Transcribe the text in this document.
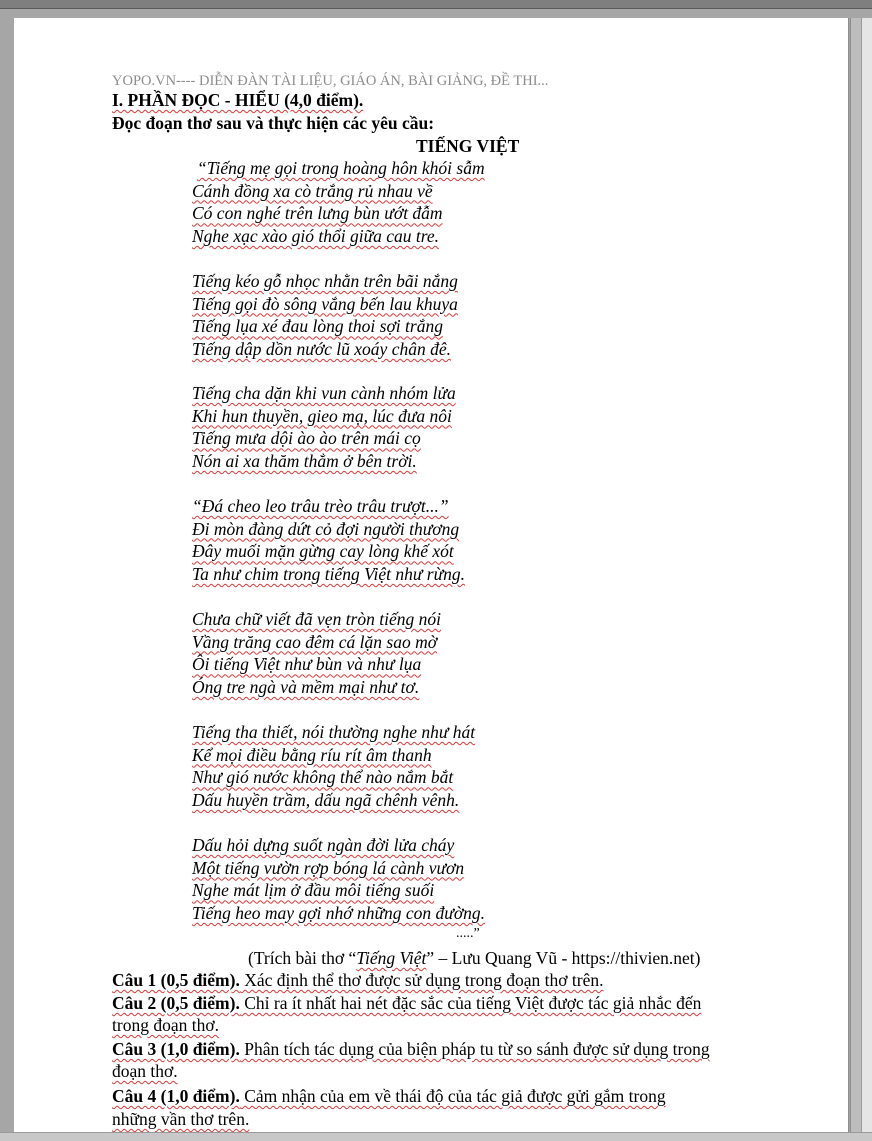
YOPO.VN---- DIỄN ĐÀN TÀI LIỆU, GIÁO ÁN, BÀI GIẢNG, ĐỀ THI...
I. PHẦN ĐỌC - HIỂU (4,0 điểm).
Đọc đoạn thơ sau và thực hiện các yêu cầu:
TIẾNG VIỆT
“Tiếng mẹ gọi trong hoàng hôn khói sẫm
Cánh đồng xa cò trắng rủ nhau về
Có con nghé trên lưng bùn ướt đẫm
Nghe xạc xào gió thổi giữa cau tre.
Tiếng kéo gỗ nhọc nhằn trên bãi nắng
Tiếng gọi đò sông vắng bến lau khuya
Tiếng lụa xé đau lòng thoi sợi trắng
Tiếng dập dồn nước lũ xoáy chân đê.
Tiếng cha dặn khi vun cành nhóm lửa
Khi hun thuyền, gieo mạ, lúc đưa nôi
Tiếng mưa dội ào ào trên mái cọ
Nón ai xa thăm thẳm ở bên trời.
“Đá cheo leo trâu trèo trâu trượt...”
Đi mòn đàng dứt cỏ đợi người thương
Đây muối mặn gừng cay lòng khế xót
Ta như chim trong tiếng Việt như rừng.
Chưa chữ viết đã vẹn tròn tiếng nói
Vầng trăng cao đêm cá lặn sao mờ
Ôi tiếng Việt như bùn và như lụa
Óng tre ngà và mềm mại như tơ.
Tiếng tha thiết, nói thường nghe như hát
Kể mọi điều bằng ríu rít âm thanh
Như gió nước không thể nào nắm bắt
Dấu huyền trầm, dấu ngã chênh vênh.
Dấu hỏi dựng suốt ngàn đời lửa cháy
Một tiếng vườn rợp bóng lá cành vươn
Nghe mát lịm ở đầu môi tiếng suối
Tiếng heo may gợi nhớ những con đường.
.....”
(Trích bài thơ “Tiếng Việt” – Lưu Quang Vũ - https://thivien.net)
Câu 1 (0,5 điểm). Xác định thể thơ được sử dụng trong đoạn thơ trên.
Câu 2 (0,5 điểm). Chỉ ra ít nhất hai nét đặc sắc của tiếng Việt được tác giả nhắc đến
trong đoạn thơ.
Câu 3 (1,0 điểm). Phân tích tác dụng của biện pháp tu từ so sánh được sử dụng trong
đoạn thơ.
Câu 4 (1,0 điểm). Cảm nhận của em về thái độ của tác giả được gửi gắm trong
những vần thơ trên.
